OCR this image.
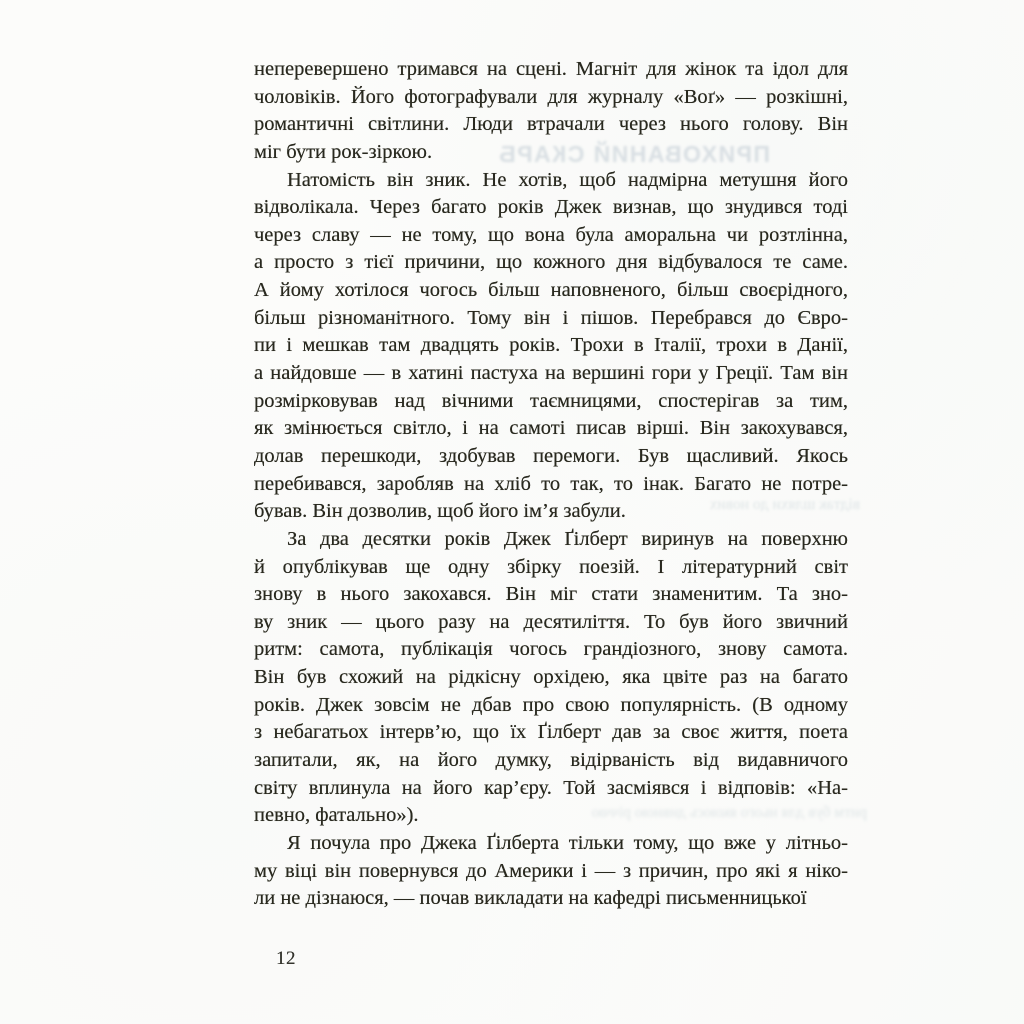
ПРИХОВАНИЙ СКАРБ
відтак шляхи до нових
ритм був для нього якоюсь дивною річчю
неперевершено тримався на сцені. Магніт для жінок та ідол для
чоловіків. Його фотографували для журналу «Воґ» — розкішні,
романтичні світлини. Люди втрачали через нього голову. Він
міг бути рок-зіркою.
Натомість він зник. Не хотів, щоб надмірна метушня його
відволікала. Через багато років Джек визнав, що знудився тоді
через славу — не тому, що вона була аморальна чи розтлінна,
а просто з тієї причини, що кожного дня відбувалося те саме.
А йому хотілося чогось більш наповненого, більш своєрідного,
більш різноманітного. Тому він і пішов. Перебрався до Євро-
пи і мешкав там двадцять років. Трохи в Італії, трохи в Данії,
а найдовше — в хатині пастуха на вершині гори у Греції. Там він
розмірковував над вічними таємницями, спостерігав за тим,
як змінюється світло, і на самоті писав вірші. Він закохувався,
долав перешкоди, здобував перемоги. Був щасливий. Якось
перебивався, заробляв на хліб то так, то інак. Багато не потре-
бував. Він дозволив, щоб його ім’я забули.
За два десятки років Джек Ґілберт виринув на поверхню
й опублікував ще одну збірку поезій. І літературний світ
знову в нього закохався. Він міг стати знаменитим. Та зно-
ву зник — цього разу на десятиліття. То був його звичний
ритм: самота, публікація чогось грандіозного, знову самота.
Він був схожий на рідкісну орхідею, яка цвіте раз на багато
років. Джек зовсім не дбав про свою популярність. (В одному
з небагатьох інтерв’ю, що їх Ґілберт дав за своє життя, поета
запитали, як, на його думку, відірваність від видавничого
світу вплинула на його кар’єру. Той засміявся і відповів: «На-
певно, фатально»).
Я почула про Джека Ґілберта тільки тому, що вже у літньо-
му віці він повернувся до Америки і — з причин, про які я ніко-
ли не дізнаюся, — почав викладати на кафедрі письменницької
12
